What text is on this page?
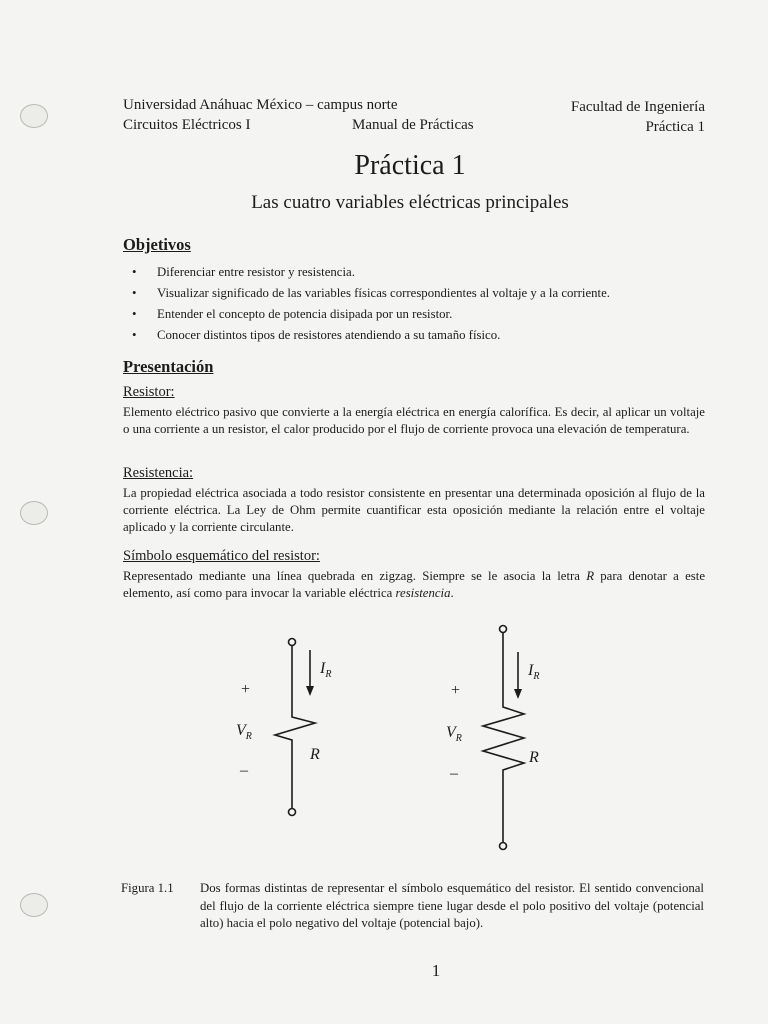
Universidad Anáhuac México – campus norte
Circuitos Eléctricos I	Manual de Prácticas
Facultad de Ingeniería
Práctica 1
Práctica 1
Las cuatro variables eléctricas principales
Objetivos
• Diferenciar entre resistor y resistencia.
• Visualizar significado de las variables físicas correspondientes al voltaje y a la corriente.
• Entender el concepto de potencia disipada por un resistor.
• Conocer distintos tipos de resistores atendiendo a su tamaño físico.
Presentación
Resistor:
Elemento eléctrico pasivo que convierte a la energía eléctrica en energía calorífica. Es decir, al aplicar un voltaje o una corriente a un resistor, el calor producido por el flujo de corriente provoca una elevación de temperatura.
Resistencia:
La propiedad eléctrica asociada a todo resistor consistente en presentar una determinada oposición al flujo de la corriente eléctrica. La Ley de Ohm permite cuantificar esta oposición mediante la relación entre el voltaje aplicado y la corriente circulante.
Símbolo esquemático del resistor:
Representado mediante una línea quebrada en zigzag. Siempre se le asocia la letra R para denotar a este elemento, así como para invocar la variable eléctrica resistencia.
$I_R$
+
$V_R$
–
R
$I_R$
+
$V_R$
–
R
Figura 1.1 Dos formas distintas de representar el símbolo esquemático del resistor. El sentido convencional del flujo de la corriente eléctrica siempre tiene lugar desde el polo positivo del voltaje (potencial alto) hacia el polo negativo del voltaje (potencial bajo).
1
